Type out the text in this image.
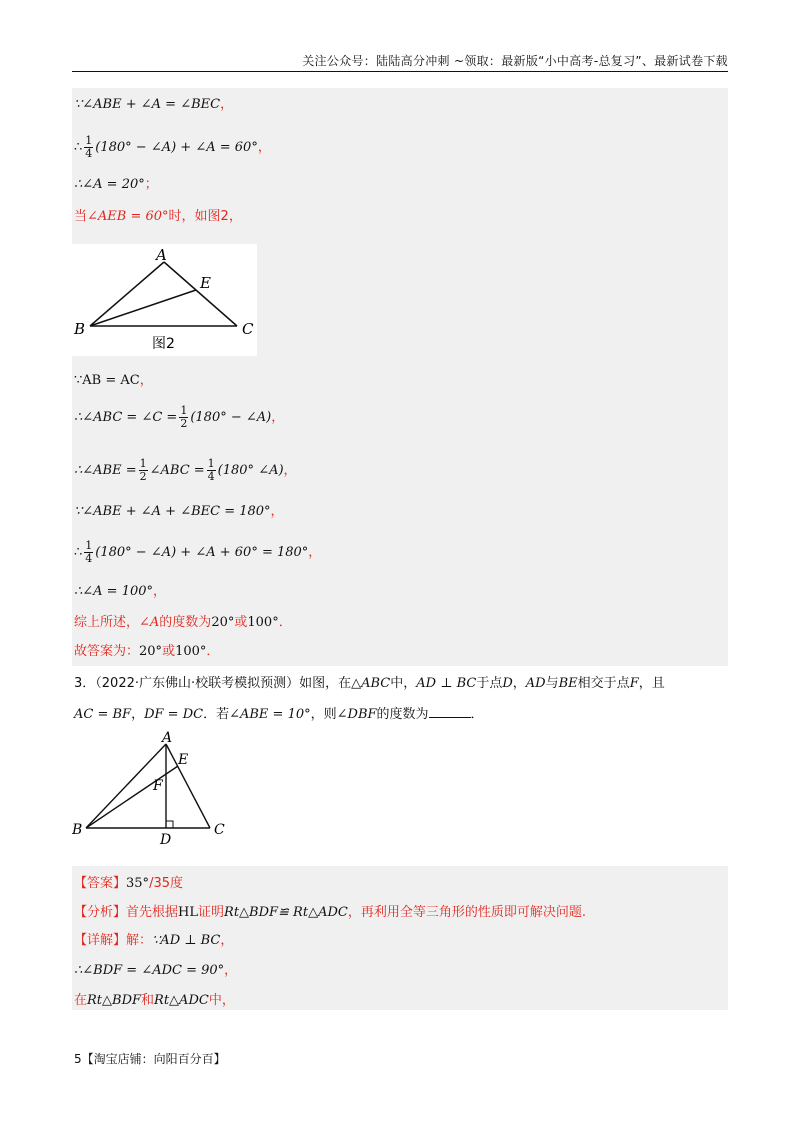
关注公众号：陆陆高分冲刺 ~领取：最新版“小中高考-总复习”、最新试卷下载
∵∠ABE + ∠A = ∠BEC，
∴ $\frac{1}{4} (180^\circ$ − ∠A) + ∠A = 60°，
∴∠A = 20°；
当∠AEB = 60°时，如图2，
A
E
B	C
图2
∵AB = AC，
∴∠ABC = ∠C = $\frac{1}{2} (180^\circ$ − ∠A)，
∴∠ABE = $\frac{1}{2}$ ∠ABC = $\frac{1}{4} (180^\circ$ ∠A)，
∵∠ABE + ∠A + ∠BEC = 180°，
∴ $\frac{1}{4} (180^\circ$ − ∠A) + ∠A + 60° = 180°，
∴∠A = 100°，
综上所述，∠A的度数为20°或100°．
故答案为：20°或100°．
3．（2022·广东佛山·校联考模拟预测）如图，在△ABC中，AD ⊥ BC于点D，AD与BE相交于点F，且
AC = BF，DF = DC．若∠ABE = 10°，则∠DBF的度数为	．
A
E
F
B
D
C
【答案】35°/35度
【分析】首先根据HL证明Rt△BDF≌ Rt△ADC，再利用全等三角形的性质即可解决问题.
【详解】解：∵AD ⊥ BC，
∴∠BDF = ∠ADC = 90°，
在Rt△BDF和Rt△ADC中，
5【淘宝店铺：向阳百分百】
